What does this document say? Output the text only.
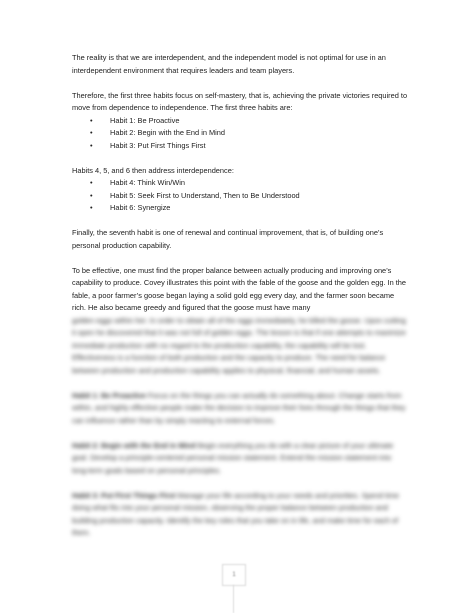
The reality is that we are interdependent, and the independent model is not optimal for use in an interdependent environment that requires leaders and team players.

Therefore, the first three habits focus on self-mastery, that is, achieving the private victories required to move from dependence to independence. The first three habits are:

• Habit 1: Be Proactive
• Habit 2: Begin with the End in Mind
• Habit 3: Put First Things First

Habits 4, 5, and 6 then address interdependence:

• Habit 4: Think Win/Win
• Habit 5: Seek First to Understand, Then to Be Understood
• Habit 6: Synergize

Finally, the seventh habit is one of renewal and continual improvement, that is, of building one’s personal production capability.

To be effective, one must find the proper balance between actually producing and improving one’s capability to produce. Covey illustrates this point with the fable of the goose and the golden egg. In the fable, a poor farmer’s goose began laying a solid gold egg every day, and the farmer soon became rich. He also became greedy and figured that the goose must have many

golden eggs within her. In order to obtain all of the eggs immediately, he killed the goose. Upon cutting it open he discovered that it was not full of golden eggs. The lesson is that if one attempts to maximize immediate production with no regard to the production capability, the capability will be lost. Effectiveness is a function of both production and the capacity to produce. The need for balance between production and production capability applies to physical, financial, and human assets.

Habit 1: Be Proactive Focus on the things you can actually do something about. Change starts from within, and highly effective people make the decision to improve their lives through the things that they can influence rather than by simply reacting to external forces.

Habit 2: Begin with the End in Mind Begin everything you do with a clear picture of your ultimate goal. Develop a principle-centered personal mission statement. Extend the mission statement into long-term goals based on personal principles.

Habit 3: Put First Things First Manage your life according to your needs and priorities. Spend time doing what fits into your personal mission, observing the proper balance between production and building production capacity. Identify the key roles that you take on in life, and make time for each of them.

1
